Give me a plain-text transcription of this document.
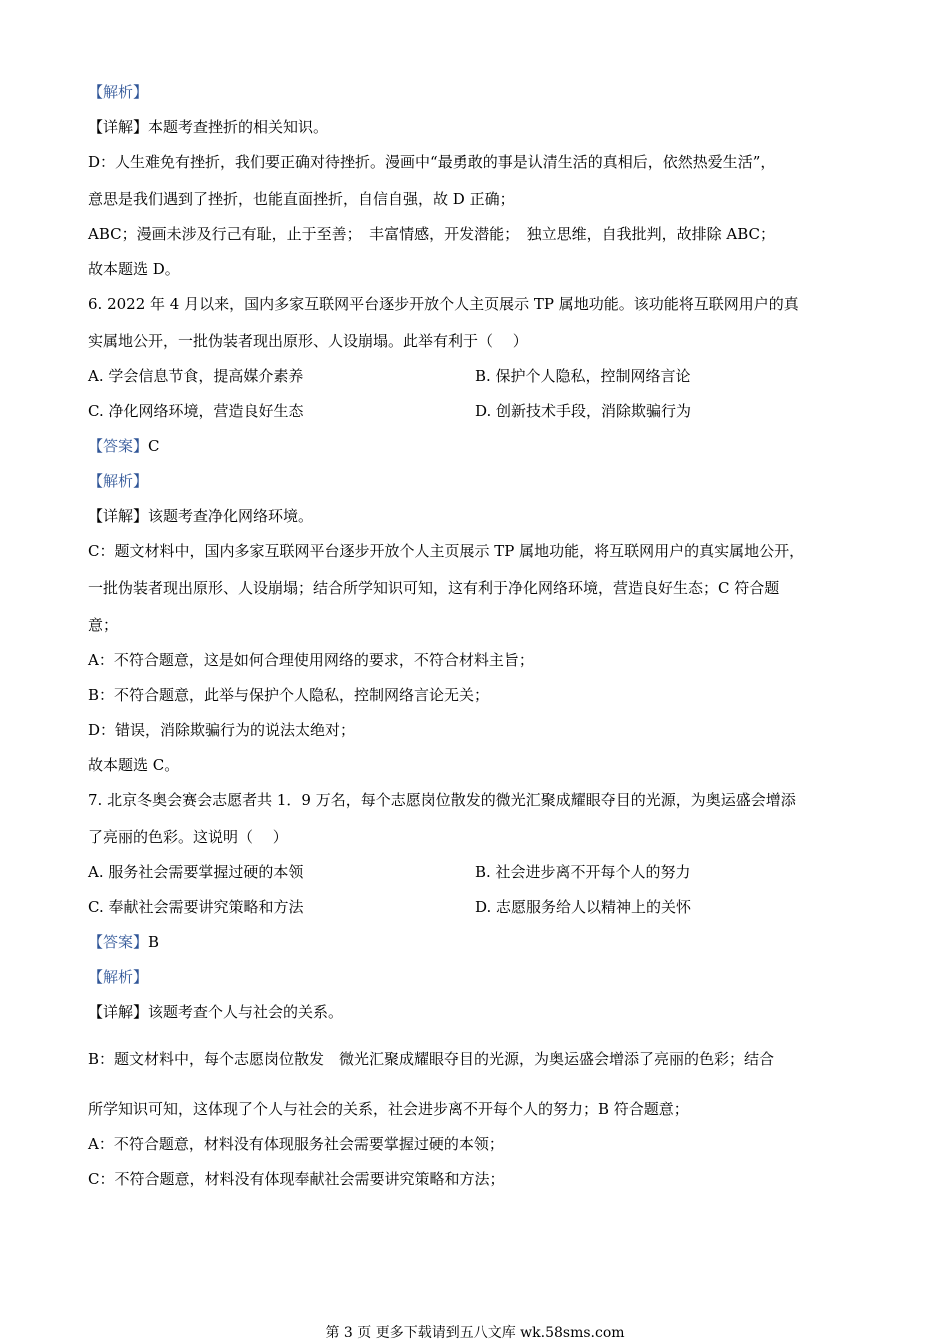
【解析】
【详解】本题考查挫折的相关知识。
D：人生难免有挫折，我们要正确对待挫折。漫画中“最勇敢的事是认清生活的真相后，依然热爱生活”，
意思是我们遇到了挫折，也能直面挫折，自信自强，故 D 正确；
ABC；漫画未涉及行己有耻，止于至善；　丰富情感，开发潜能；　独立思维，自我批判，故排除 ABC；
故本题选 D。
6. 2022 年 4 月以来，国内多家互联网平台逐步开放个人主页展示 TP 属地功能。该功能将互联网用户的真
实属地公开，一批伪装者现出原形、人设崩塌。此举有利于（　 ）
A. 学会信息节食，提高媒介素养	B. 保护个人隐私，控制网络言论
C. 净化网络环境，营造良好生态	D. 创新技术手段，消除欺骗行为
【答案】C
【解析】
【详解】该题考查净化网络环境。
C：题文材料中，国内多家互联网平台逐步开放个人主页展示 TP 属地功能，将互联网用户的真实属地公开，
一批伪装者现出原形、人设崩塌；结合所学知识可知，这有利于净化网络环境，营造良好生态；C 符合题
意；
A：不符合题意，这是如何合理使用网络的要求，不符合材料主旨；
B：不符合题意，此举与保护个人隐私，控制网络言论无关；
D：错误，消除欺骗行为的说法太绝对；
故本题选 C。
7. 北京冬奥会赛会志愿者共 1．9 万名，每个志愿岗位散发的微光汇聚成耀眼夺目的光源，为奥运盛会增添
了亮丽的色彩。这说明（　 ）
A. 服务社会需要掌握过硬的本领	B. 社会进步离不开每个人的努力
C. 奉献社会需要讲究策略和方法	D. 志愿服务给人以精神上的关怀
【答案】B
【解析】
【详解】该题考查个人与社会的关系。
B：题文材料中，每个志愿岗位散发　微光汇聚成耀眼夺目的光源，为奥运盛会增添了亮丽的色彩；结合
所学知识可知，这体现了个人与社会的关系，社会进步离不开每个人的努力；B 符合题意；
A：不符合题意，材料没有体现服务社会需要掌握过硬的本领；
C：不符合题意，材料没有体现奉献社会需要讲究策略和方法；
第 3 页 更多下载请到五八文库 wk.58sms.com
